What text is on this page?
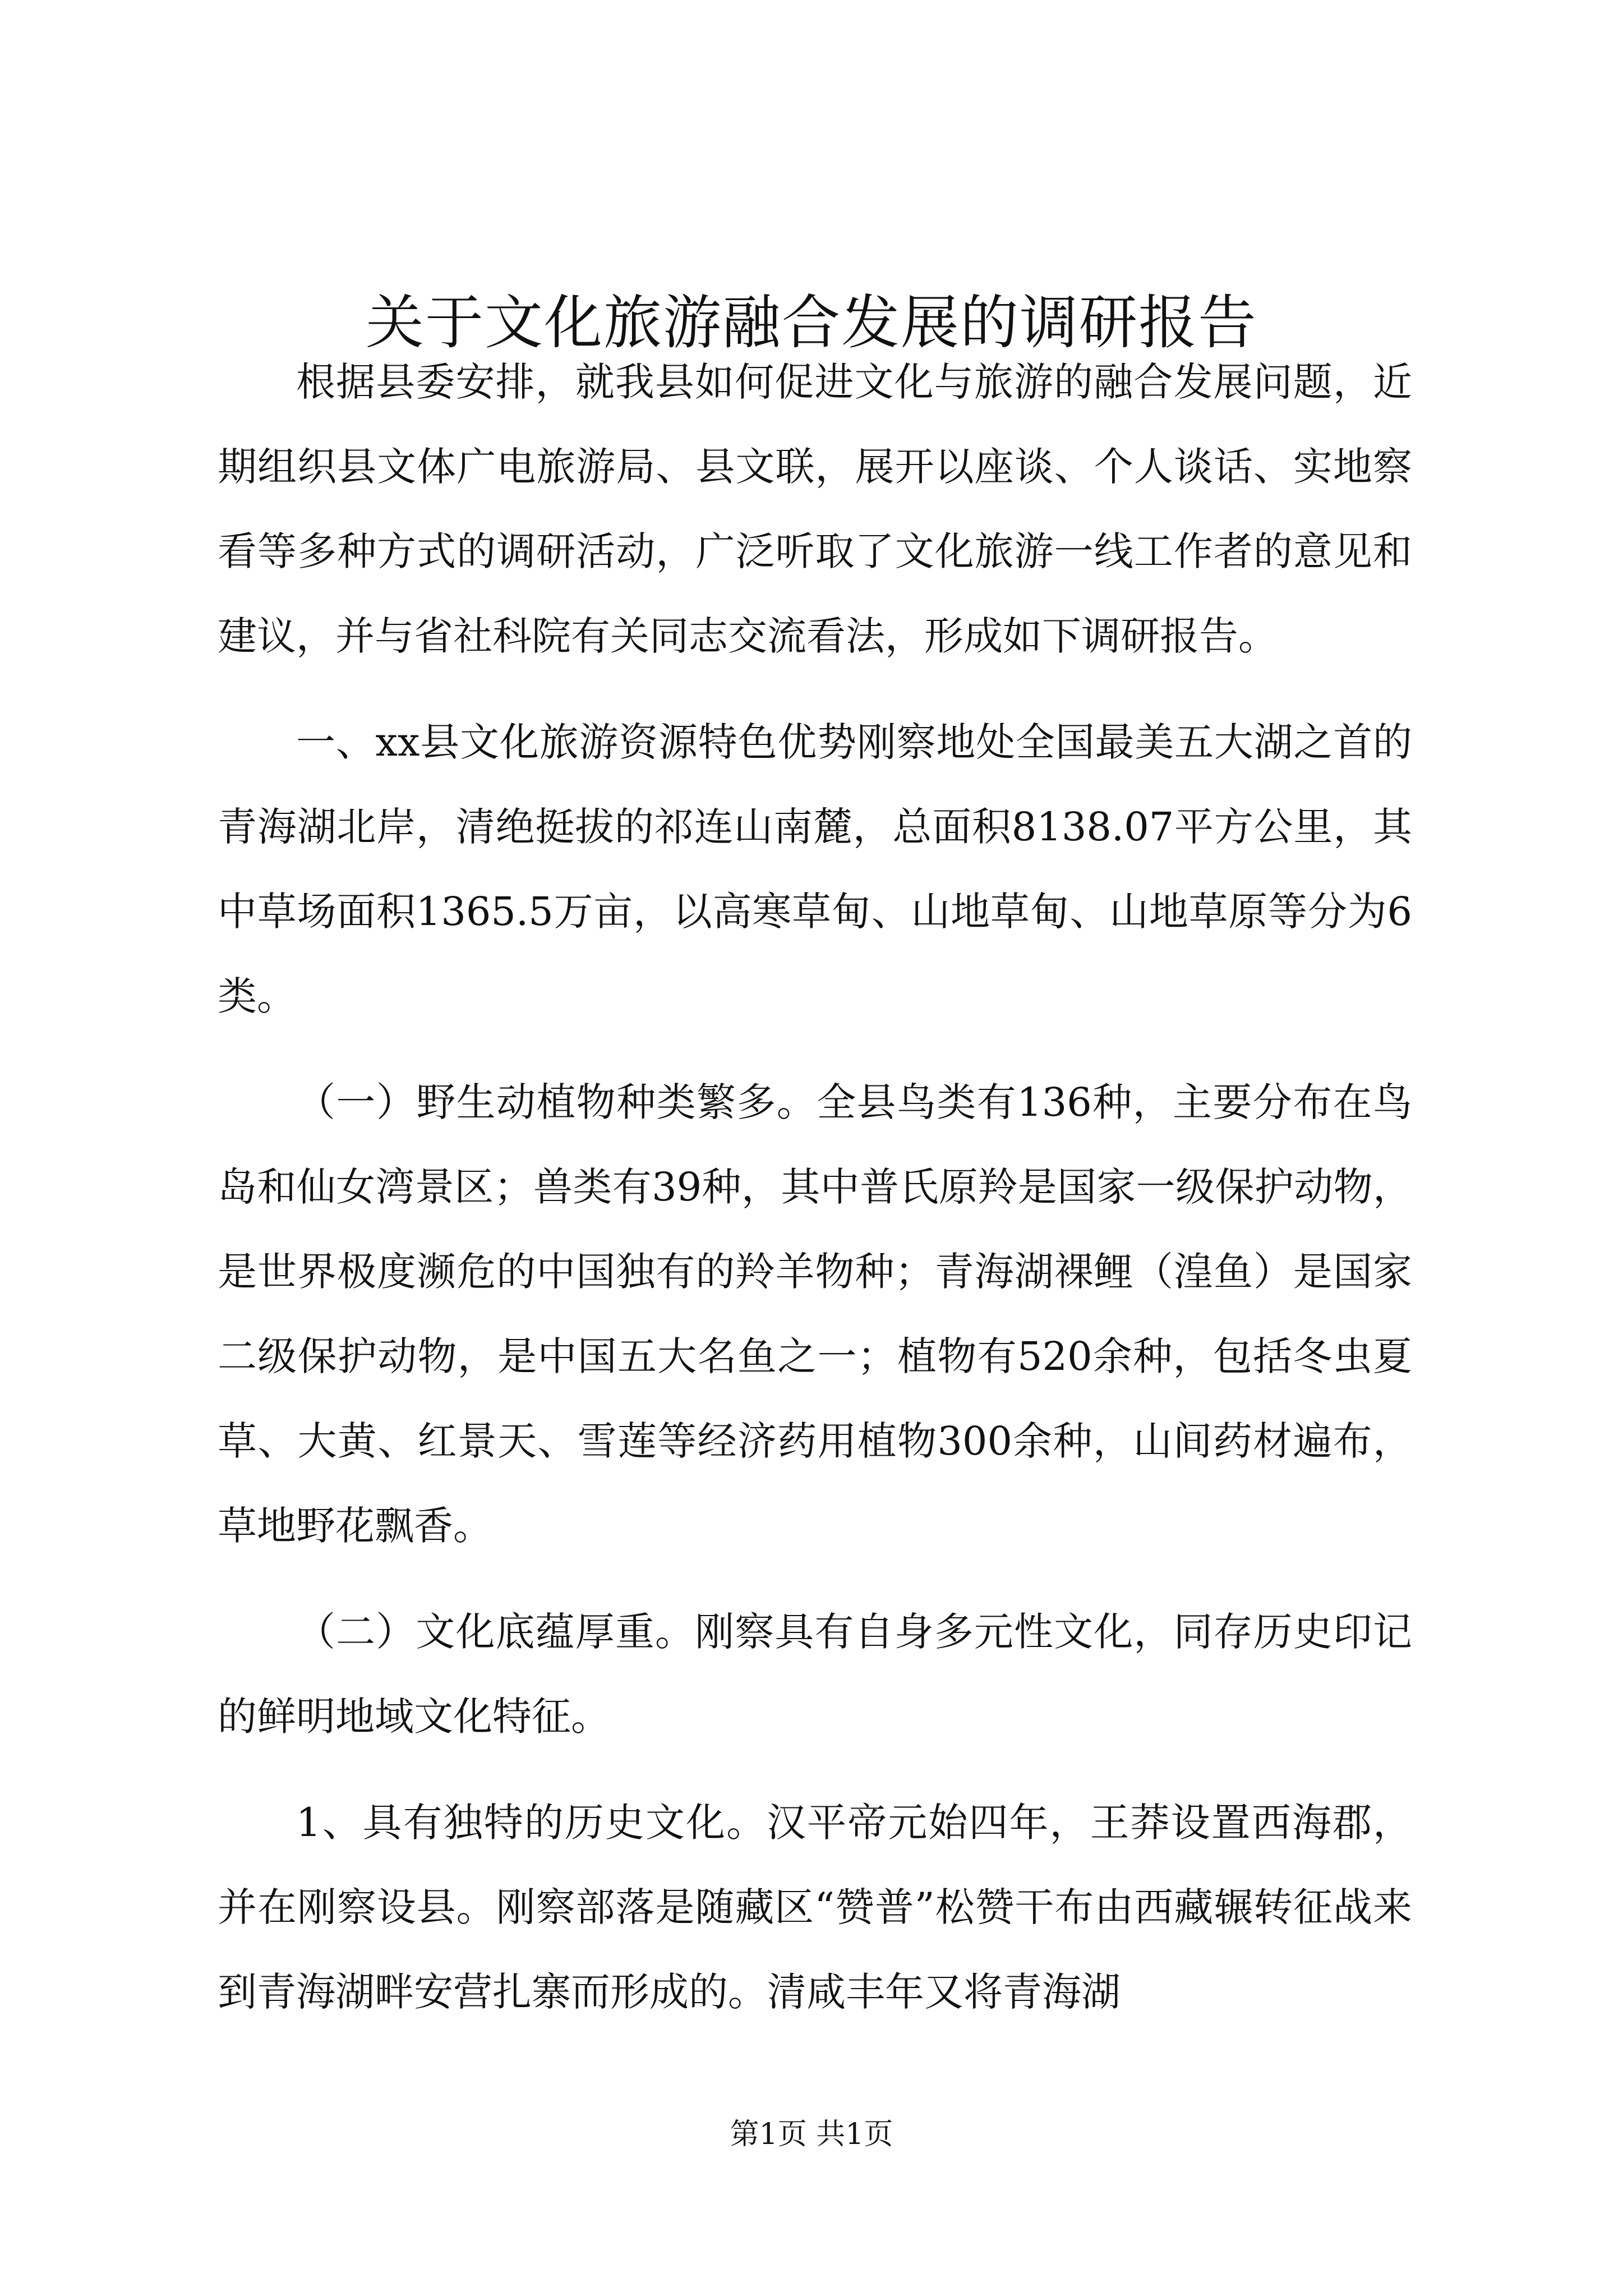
关于文化旅游融合发展的调研报告

根据县委安排，就我县如何促进文化与旅游的融合发展问题，近期组织县文体广电旅游局、县文联，展开以座谈、个人谈话、实地察看等多种方式的调研活动，广泛听取了文化旅游一线工作者的意见和建议，并与省社科院有关同志交流看法，形成如下调研报告。

一、xx县文化旅游资源特色优势刚察地处全国最美五大湖之首的青海湖北岸，清绝挺拔的祁连山南麓，总面积8138.07平方公里，其中草场面积1365.5万亩，以高寒草甸、山地草甸、山地草原等分为6类。

（一）野生动植物种类繁多。全县鸟类有136种，主要分布在鸟岛和仙女湾景区；兽类有39种，其中普氏原羚是国家一级保护动物，是世界极度濒危的中国独有的羚羊物种；青海湖裸鲤（湟鱼）是国家二级保护动物，是中国五大名鱼之一；植物有520余种，包括冬虫夏草、大黄、红景天、雪莲等经济药用植物300余种，山间药材遍布，草地野花飘香。

（二）文化底蕴厚重。刚察具有自身多元性文化，同存历史印记的鲜明地域文化特征。

1、具有独特的历史文化。汉平帝元始四年，王莽设置西海郡，并在刚察设县。刚察部落是随藏区“赞普”松赞干布由西藏辗转征战来到青海湖畔安营扎寨而形成的。清咸丰年又将青海湖

第1页 共1页
